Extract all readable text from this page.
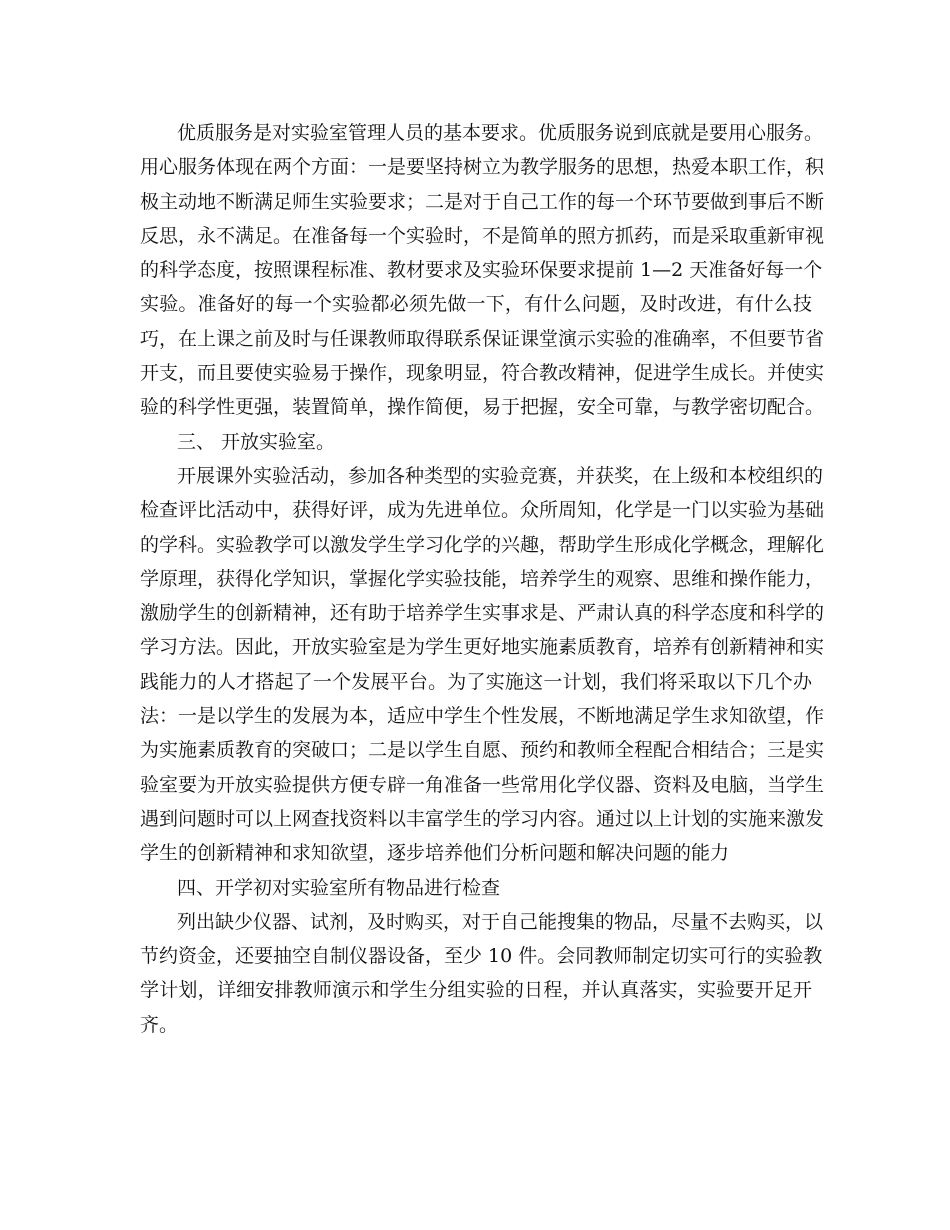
优质服务是对实验室管理人员的基本要求。优质服务说到底就是要用心服务。
用心服务体现在两个方面：一是要坚持树立为教学服务的思想，热爱本职工作，积
极主动地不断满足师生实验要求；二是对于自己工作的每一个环节要做到事后不断
反思，永不满足。在准备每一个实验时，不是简单的照方抓药，而是采取重新审视
的科学态度，按照课程标准、教材要求及实验环保要求提前 1—2 天准备好每一个
实验。准备好的每一个实验都必须先做一下，有什么问题，及时改进，有什么技
巧，在上课之前及时与任课教师取得联系保证课堂演示实验的准确率，不但要节省
开支，而且要使实验易于操作，现象明显，符合教改精神，促进学生成长。并使实
验的科学性更强，装置简单，操作简便，易于把握，安全可靠，与教学密切配合。
三、 开放实验室。
开展课外实验活动，参加各种类型的实验竞赛，并获奖，在上级和本校组织的
检查评比活动中，获得好评，成为先进单位。众所周知，化学是一门以实验为基础
的学科。实验教学可以激发学生学习化学的兴趣，帮助学生形成化学概念，理解化
学原理，获得化学知识，掌握化学实验技能，培养学生的观察、思维和操作能力，
激励学生的创新精神，还有助于培养学生实事求是、严肃认真的科学态度和科学的
学习方法。因此，开放实验室是为学生更好地实施素质教育，培养有创新精神和实
践能力的人才搭起了一个发展平台。为了实施这一计划，我们将采取以下几个办
法：一是以学生的发展为本，适应中学生个性发展，不断地满足学生求知欲望，作
为实施素质教育的突破口；二是以学生自愿、预约和教师全程配合相结合；三是实
验室要为开放实验提供方便专辟一角准备一些常用化学仪器、资料及电脑，当学生
遇到问题时可以上网查找资料以丰富学生的学习内容。通过以上计划的实施来激发
学生的创新精神和求知欲望，逐步培养他们分析问题和解决问题的能力
四、开学初对实验室所有物品进行检查
列出缺少仪器、试剂，及时购买，对于自己能搜集的物品，尽量不去购买，以
节约资金，还要抽空自制仪器设备，至少 10 件。会同教师制定切实可行的实验教
学计划，详细安排教师演示和学生分组实验的日程，并认真落实，实验要开足开
齐。
